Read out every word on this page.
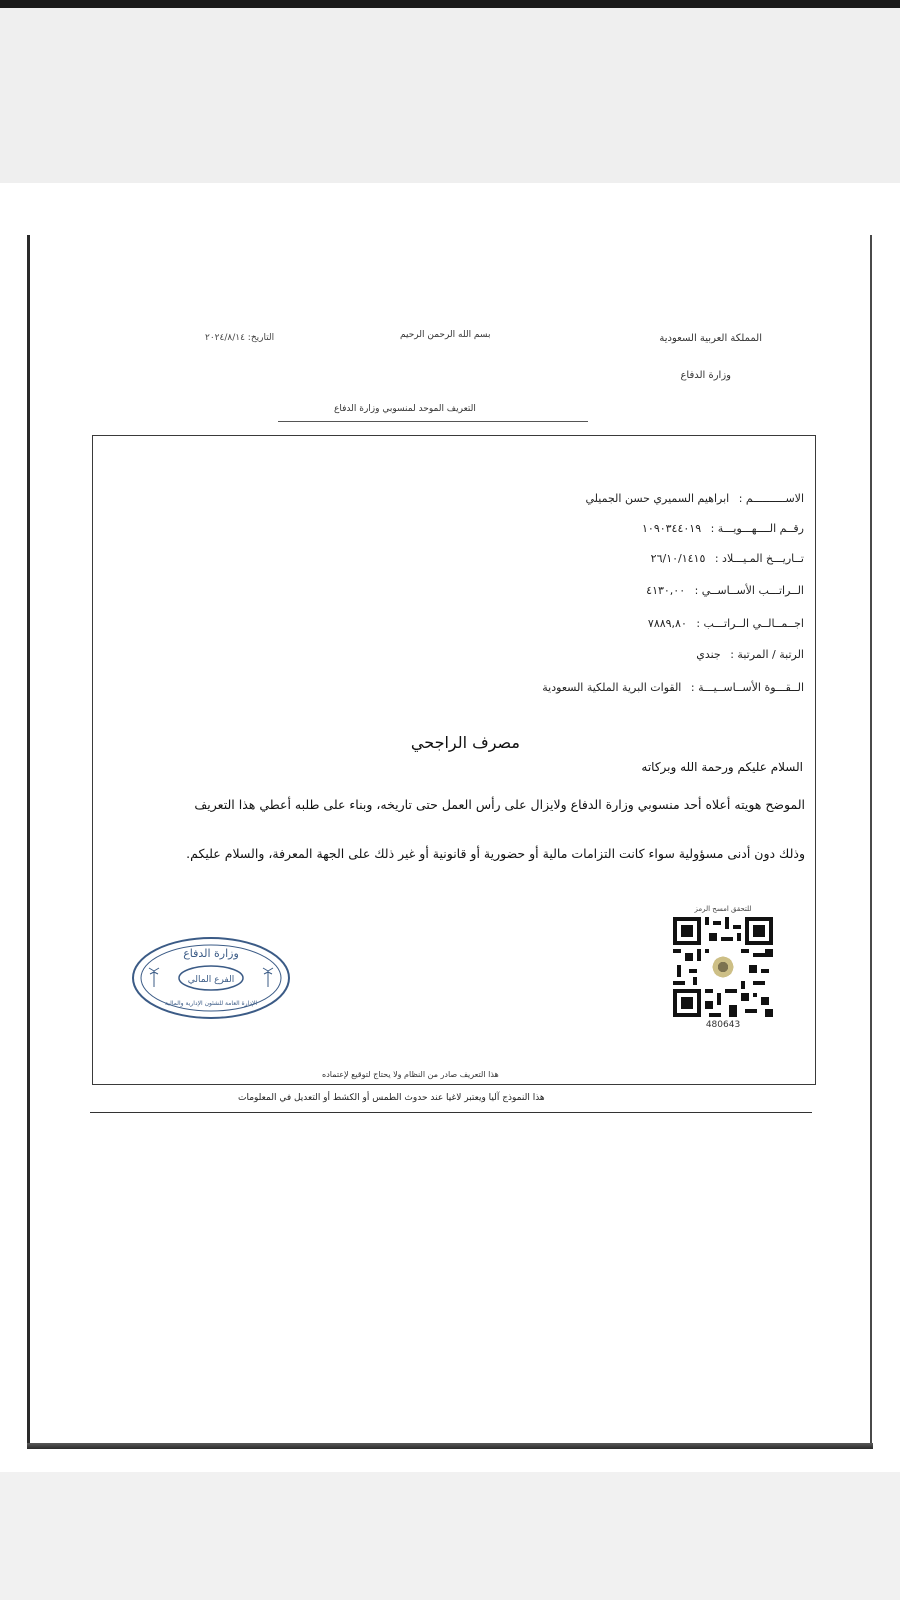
المملكة العربية السعودية
وزارة الدفاع
بسم الله الرحمن الرحيم
التاريخ: ٢٠٢٤/٨/١٤
التعريف الموحد لمنسوبي وزارة الدفاع
الاســــــــــم : ابراهيم السميري حسن الجميلي
رقــم الــــهـــويـــة : ١٠٩٠٣٤٤٠١٩
تــاريـــخ المـيـــلاد : ٢٦/١٠/١٤١٥
الــراتـــب الأســاســي : ٤١٣٠,٠٠
اجــمــالــي الــراتـــب : ٧٨٨٩,٨٠
الرتبة / المرتبة : جندي
الــقـــوة الأســاســيـــة : القوات البرية الملكية السعودية
مصرف الراجحي
السلام عليكم ورحمة الله وبركاته
الموضح هويته أعلاه أحد منسوبي وزارة الدفاع ولايزال على رأس العمل حتى تاريخه، وبناء على طلبه أعطي هذا التعريف
وذلك دون أدنى مسؤولية سواء كانت التزامات مالية أو حضورية أو قانونية أو غير ذلك على الجهة المعرفة، والسلام عليكم.
للتحقق امسح الرمز
480643
وزارة الدفاع
الفرع المالي
الإدارة العامة للشئون الإدارية والمالية
هذا التعريف صادر من النظام ولا يحتاج لتوقيع لإعتماده
هذا النموذج آليا ويعتبر لاغيا عند حدوث الطمس أو الكشط أو التعديل في المعلومات
